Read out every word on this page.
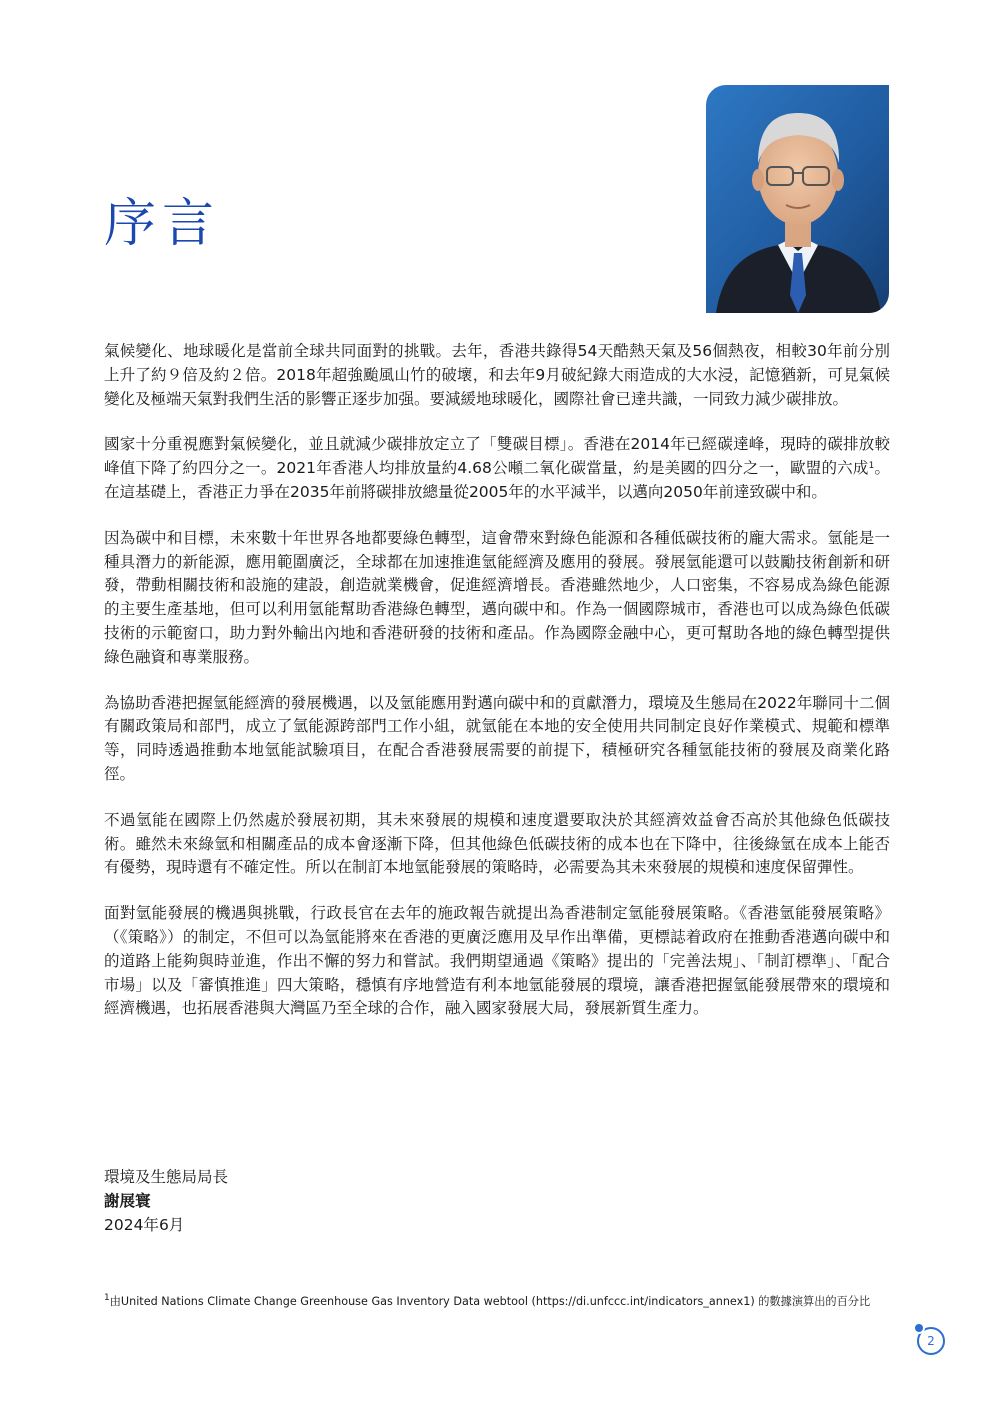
序言

氣候變化、地球暖化是當前全球共同面對的挑戰。去年，香港共錄得54天酷熱天氣及56個熱夜，相較30年前分別上升了約９倍及約２倍。2018年超強颱風山竹的破壞，和去年9月破紀錄大雨造成的大水浸，記憶猶新，可見氣候變化及極端天氣對我們生活的影響正逐步加强。要減緩地球暖化，國際社會已達共識，一同致力減少碳排放。

國家十分重視應對氣候變化，並且就減少碳排放定立了「雙碳目標」。香港在2014年已經碳達峰，現時的碳排放較峰值下降了約四分之一。2021年香港人均排放量約4.68公噸二氧化碳當量，約是美國的四分之一，歐盟的六成$^1$。在這基礎上，香港正力爭在2035年前將碳排放總量從2005年的水平減半，以邁向2050年前達致碳中和。

因為碳中和目標，未來數十年世界各地都要綠色轉型，這會帶來對綠色能源和各種低碳技術的龐大需求。氫能是一種具潛力的新能源，應用範圍廣泛，全球都在加速推進氫能經濟及應用的發展。發展氫能還可以鼓勵技術創新和研發，帶動相關技術和設施的建設，創造就業機會，促進經濟增長。香港雖然地少，人口密集，不容易成為綠色能源的主要生產基地，但可以利用氫能幫助香港綠色轉型，邁向碳中和。作為一個國際城市，香港也可以成為綠色低碳技術的示範窗口，助力對外輸出內地和香港研發的技術和產品。作為國際金融中心，更可幫助各地的綠色轉型提供綠色融資和專業服務。

為協助香港把握氫能經濟的發展機遇，以及氫能應用對邁向碳中和的貢獻潛力，環境及生態局在2022年聯同十二個有關政策局和部門，成立了氫能源跨部門工作小組，就氫能在本地的安全使用共同制定良好作業模式、規範和標準等，同時透過推動本地氫能試驗項目，在配合香港發展需要的前提下，積極研究各種氫能技術的發展及商業化路徑。

不過氫能在國際上仍然處於發展初期，其未來發展的規模和速度還要取決於其經濟效益會否高於其他綠色低碳技術。雖然未來綠氫和相關產品的成本會逐漸下降，但其他綠色低碳技術的成本也在下降中，往後綠氫在成本上能否有優勢，現時還有不確定性。所以在制訂本地氫能發展的策略時，必需要為其未來發展的規模和速度保留彈性。

面對氫能發展的機遇與挑戰，行政長官在去年的施政報告就提出為香港制定氫能發展策略。《香港氫能發展策略》（《策略》）的制定，不但可以為氫能將來在香港的更廣泛應用及早作出準備，更標誌着政府在推動香港邁向碳中和的道路上能夠與時並進，作出不懈的努力和嘗試。我們期望通過《策略》提出的「完善法規」、「制訂標準」、「配合市場」以及「審慎推進」四大策略，穩慎有序地營造有利本地氫能發展的環境，讓香港把握氫能發展帶來的環境和經濟機遇，也拓展香港與大灣區乃至全球的合作，融入國家發展大局，發展新質生產力。

環境及生態局局長
謝展寰
2024年6月
$^1$由United Nations Climate Change Greenhouse Gas Inventory Data webtool (https://di.unfccc.int/indicators_annex1) 的數據演算出的百分比
2
